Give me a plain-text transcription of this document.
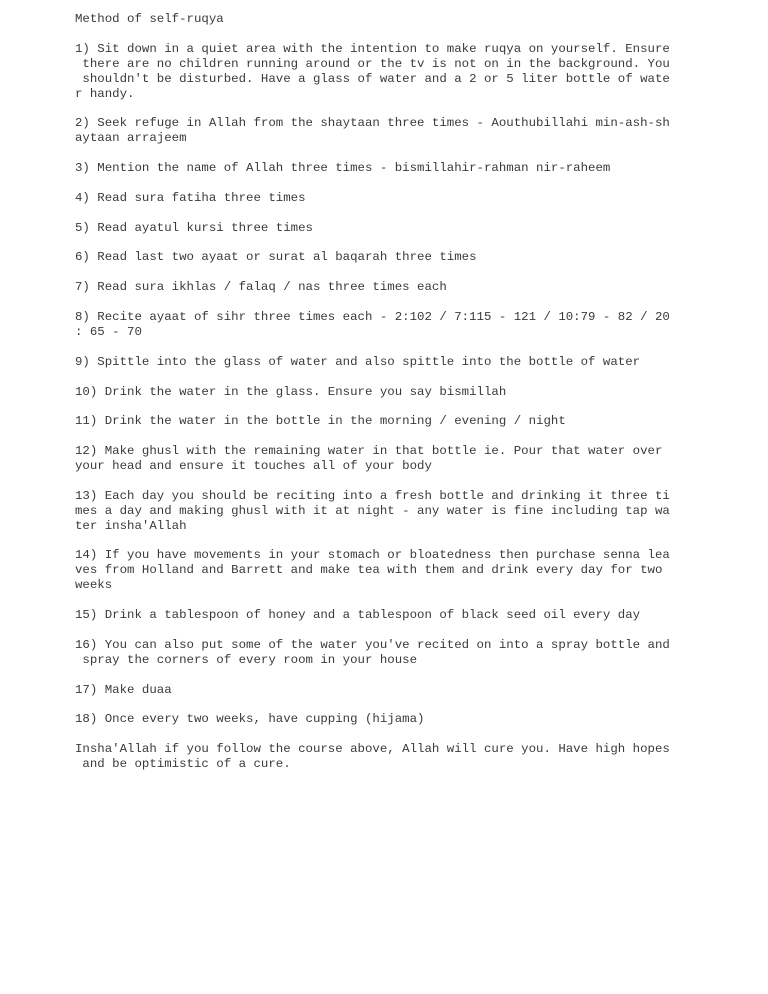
Method of self-ruqya
1) Sit down in a quiet area with the intention to make ruqya on yourself. Ensure
there are no children running around or the tv is not on in the background. You
shouldn't be disturbed. Have a glass of water and a 2 or 5 liter bottle of wate
r handy.
2) Seek refuge in Allah from the shaytaan three times - Aouthubillahi min-ash-sh
aytaan arrajeem
3) Mention the name of Allah three times - bismillahir-rahman nir-raheem
4) Read sura fatiha three times
5) Read ayatul kursi three times
6) Read last two ayaat or surat al baqarah three times
7) Read sura ikhlas / falaq / nas three times each
8) Recite ayaat of sihr three times each - 2:102 / 7:115 - 121 / 10:79 - 82 / 20
: 65 - 70
9) Spittle into the glass of water and also spittle into the bottle of water
10) Drink the water in the glass. Ensure you say bismillah
11) Drink the water in the bottle in the morning / evening / night
12) Make ghusl with the remaining water in that bottle ie. Pour that water over
your head and ensure it touches all of your body
13) Each day you should be reciting into a fresh bottle and drinking it three ti
mes a day and making ghusl with it at night - any water is fine including tap wa
ter insha'Allah
14) If you have movements in your stomach or bloatedness then purchase senna lea
ves from Holland and Barrett and make tea with them and drink every day for two
weeks
15) Drink a tablespoon of honey and a tablespoon of black seed oil every day
16) You can also put some of the water you've recited on into a spray bottle and
spray the corners of every room in your house
17) Make duaa
18) Once every two weeks, have cupping (hijama)
Insha'Allah if you follow the course above, Allah will cure you. Have high hopes
and be optimistic of a cure.
